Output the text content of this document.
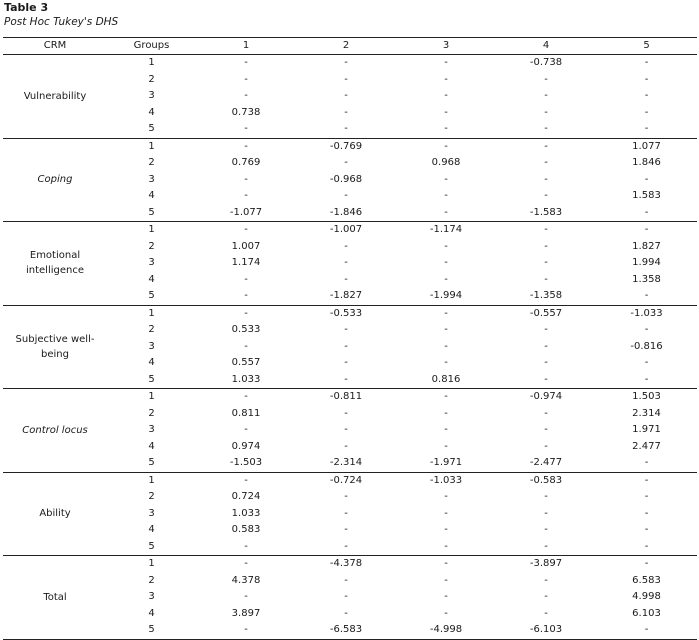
Table 3
Post Hoc Tukey's DHS
CRM	Groups	1	2	3	4	5
Vulnerability	1	-	-	-	-0.738	-
	2	-	-	-	-	-
	3	-	-	-	-	-
	4	0.738	-	-	-	-
	5	-	-	-	-	-
Coping	1	-	-0.769	-	-	1.077
	2	0.769	-	0.968	-	1.846
	3	-	-0.968	-	-	-
	4	-	-	-	-	1.583
	5	-1.077	-1.846	-	-1.583	-
Emotional intelligence	1	-	-1.007	-1.174	-	-
	2	1.007	-	-	-	1.827
	3	1.174	-	-	-	1.994
	4	-	-	-	-	1.358
	5	-	-1.827	-1.994	-1.358	-
Subjective well-being	1	-	-0.533	-	-0.557	-1.033
	2	0.533	-	-	-	-
	3	-	-	-	-	-0.816
	4	0.557	-	-	-	-
	5	1.033	-	0.816	-	-
Control locus	1	-	-0.811	-	-0.974	1.503
	2	0.811	-	-	-	2.314
	3	-	-	-	-	1.971
	4	0.974	-	-	-	2.477
	5	-1.503	-2.314	-1.971	-2.477	-
Ability	1	-	-0.724	-1.033	-0.583	-
	2	0.724	-	-	-	-
	3	1.033	-	-	-	-
	4	0.583	-	-	-	-
	5	-	-	-	-	-
Total	1	-	-4.378	-	-3.897	-
	2	4.378	-	-	-	6.583
	3	-	-	-	-	4.998
	4	3.897	-	-	-	6.103
	5	-	-6.583	-4.998	-6.103	-
